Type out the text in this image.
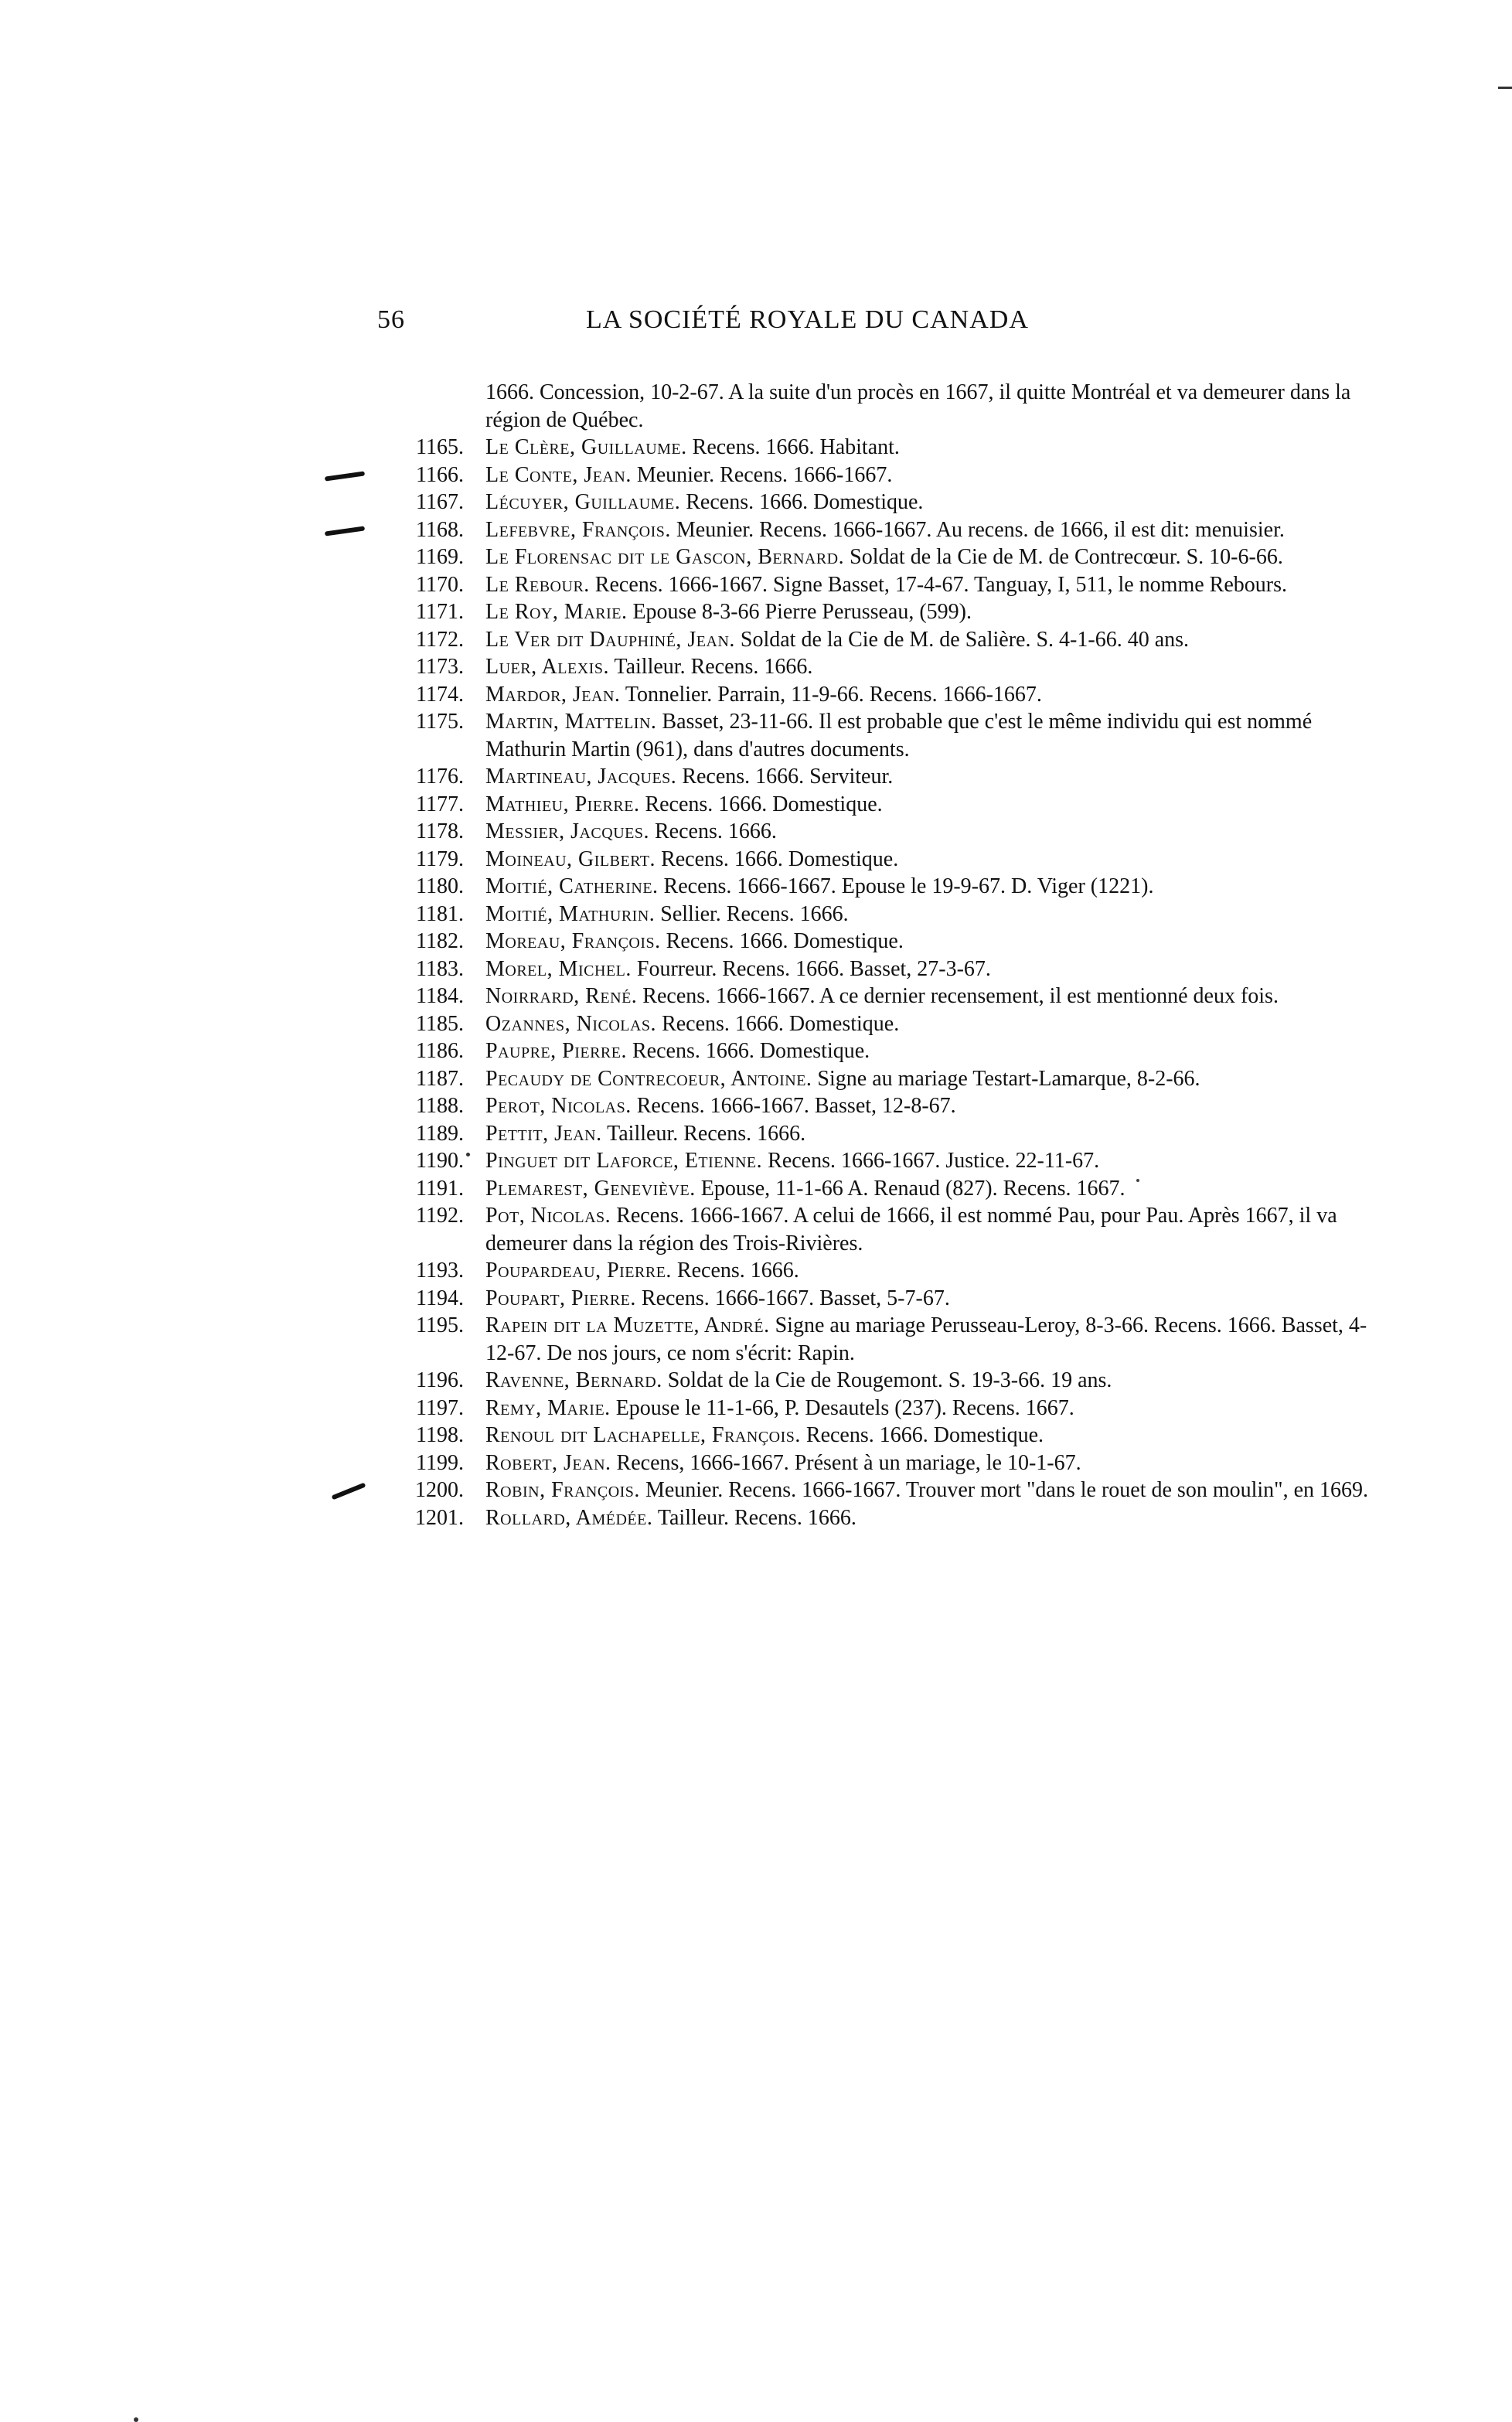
56	LA SOCIÉTÉ ROYALE DU CANADA
1666. Concession, 10-2-67. A la suite d'un procès en 1667, il quitte Montréal et va demeurer dans la région de Québec.
1165. Le Clère, Guillaume. Recens. 1666. Habitant.
1166. Le Conte, Jean. Meunier. Recens. 1666-1667.
1167. Lécuyer, Guillaume. Recens. 1666. Domestique.
1168. Lefebvre, François. Meunier. Recens. 1666-1667. Au recens. de 1666, il est dit: menuisier.
1169. Le Florensac dit le Gascon, Bernard. Soldat de la Cie de M. de Contrecœur. S. 10-6-66.
1170. Le Rebour. Recens. 1666-1667. Signe Basset, 17-4-67. Tanguay, I, 511, le nomme Rebours.
1171. Le Roy, Marie. Epouse 8-3-66 Pierre Perusseau, (599).
1172. Le Ver dit Dauphiné, Jean. Soldat de la Cie de M. de Salière. S. 4-1-66. 40 ans.
1173. Luer, Alexis. Tailleur. Recens. 1666.
1174. Mardor, Jean. Tonnelier. Parrain, 11-9-66. Recens. 1666-1667.
1175. Martin, Mattelin. Basset, 23-11-66. Il est probable que c'est le même individu qui est nommé Mathurin Martin (961), dans d'autres documents.
1176. Martineau, Jacques. Recens. 1666. Serviteur.
1177. Mathieu, Pierre. Recens. 1666. Domestique.
1178. Messier, Jacques. Recens. 1666.
1179. Moineau, Gilbert. Recens. 1666. Domestique.
1180. Moitié, Catherine. Recens. 1666-1667. Epouse le 19-9-67. D. Viger (1221).
1181. Moitié, Mathurin. Sellier. Recens. 1666.
1182. Moreau, François. Recens. 1666. Domestique.
1183. Morel, Michel. Fourreur. Recens. 1666. Basset, 27-3-67.
1184. Noirrard, René. Recens. 1666-1667. A ce dernier recensement, il est mentionné deux fois.
1185. Ozannes, Nicolas. Recens. 1666. Domestique.
1186. Paupre, Pierre. Recens. 1666. Domestique.
1187. Pecaudy de Contrecoeur, Antoine. Signe au mariage Testart-Lamarque, 8-2-66.
1188. Perot, Nicolas. Recens. 1666-1667. Basset, 12-8-67.
1189. Pettit, Jean. Tailleur. Recens. 1666.
1190. Pinguet dit Laforce, Etienne. Recens. 1666-1667. Justice. 22-11-67.
1191. Plemarest, Geneviève. Epouse, 11-1-66 A. Renaud (827). Recens. 1667.
1192. Pot, Nicolas. Recens. 1666-1667. A celui de 1666, il est nommé Pau, pour Pau. Après 1667, il va demeurer dans la région des Trois-Rivières.
1193. Poupardeau, Pierre. Recens. 1666.
1194. Poupart, Pierre. Recens. 1666-1667. Basset, 5-7-67.
1195. Rapein dit la Muzette, André. Signe au mariage Perusseau-Leroy, 8-3-66. Recens. 1666. Basset, 4-12-67. De nos jours, ce nom s'écrit: Rapin.
1196. Ravenne, Bernard. Soldat de la Cie de Rougemont. S. 19-3-66. 19 ans.
1197. Remy, Marie. Epouse le 11-1-66, P. Desautels (237). Recens. 1667.
1198. Renoul dit Lachapelle, François. Recens. 1666. Domestique.
1199. Robert, Jean. Recens, 1666-1667. Présent à un mariage, le 10-1-67.
1200. Robin, François. Meunier. Recens. 1666-1667. Trouver mort "dans le rouet de son moulin", en 1669.
1201. Rollard, Amédée. Tailleur. Recens. 1666.
